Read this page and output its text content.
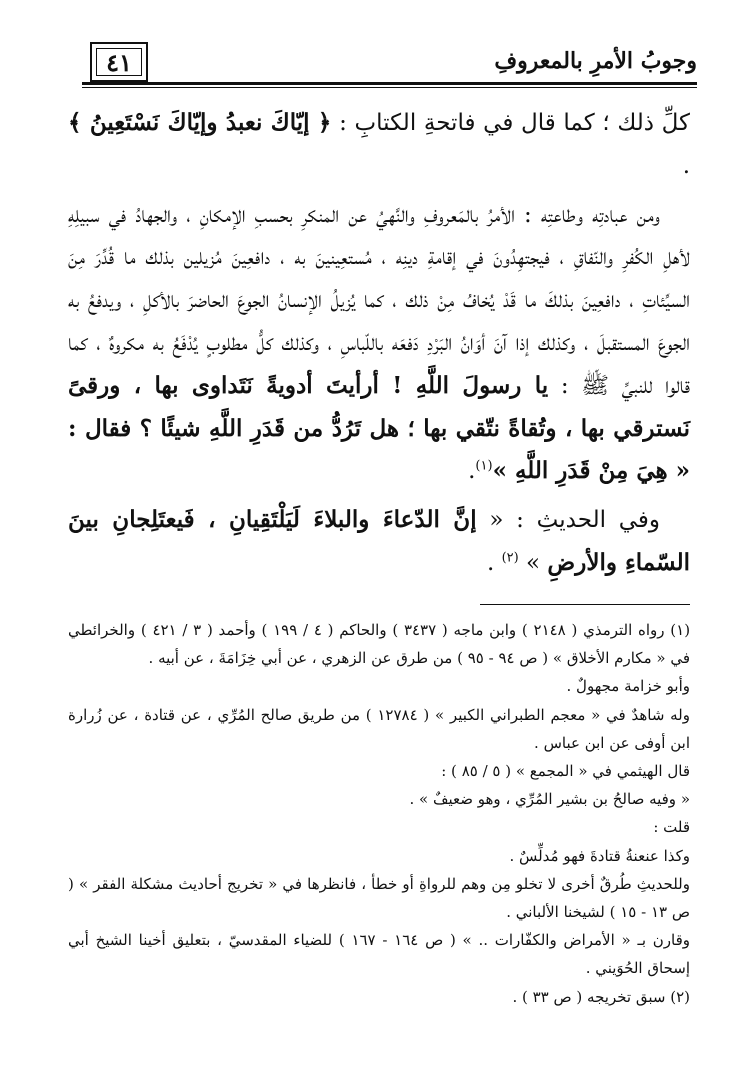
٤١	وجوبُ الأمرِ بالمعروفِ

كلِّ ذلك ؛ كما قال في فاتحةِ الكتابِ : ﴿ إيّاكَ نعبدُ وإيّاكَ نَسْتَعِينُ ﴾ .

ومن عبادتِه وطاعتِه : الأمرُ بالمَعروفِ والنَّهيُ عن المنكرِ بحسبِ الإمكانِ ، والجهادُ في سبيلِهِ لأهلِ الكُفرِ والنّفاقِ ، فيجتهِدُونَ في إقامةِ دينِه ، مُستعِينينَ به ، دافعِينَ مُزيلين بذلك ما قُدِّرَ مِنَ السيِّئاتِ ، دافعِينَ بذلكَ ما قَدْ يُخافُ مِنْ ذلك ، كما يُزيلُ الإنسانُ الجوعَ الحاضرَ بالأكلِ ، ويدفعُ به الجوعَ المستقبلَ ، وكذلك إذا آنَ أوَانُ البَرْدِ دَفعَه باللّباسِ ، وكذلك كلُّ مطلوبٍ يُدْفَعُ به مكروهٌ ، كما قالوا للنبيِّ ﷺ : يا رسولَ اللَّهِ ! أرأيتَ أدويةً نَتَداوى بها ، ورقىً نَسترقي بها ، وتُقاةً نتّقي بها ؛ هل تَرُدُّ من قَدَرِ اللَّهِ شيئًا ؟ فقال : « هِيَ مِنْ قَدَرِ اللَّهِ »$^{(١)}$.

وفي الحديثِ : « إنَّ الدّعاءَ والبلاءَ لَيَلْتَقِيانِ ، فَيعتَلِجانِ بينَ السّماءِ والأرضِ » $^{(٢)}$ .

(١) رواه الترمذي ( ٢١٤٨ ) وابن ماجه ( ٣٤٣٧ ) والحاكم ( ٤ / ١٩٩ ) وأحمد ( ٣ / ٤٢١ ) والخرائطي في « مكارم الأخلاق » ( ص ٩٤ - ٩٥ ) من طرق عن الزهري ، عن أبي خِزَامَةَ ، عن أبيه .

وأبو خزامة مجهولٌ .

وله شاهدٌ في « معجم الطبراني الكبير » ( ١٢٧٨٤ ) من طريق صالح المُرِّي ، عن قتادة ، عن زُرارة ابن أوفى عن ابن عباس .

قال الهيثمي في « المجمع » ( ٥ / ٨٥ ) :

« وفيه صالحُ بن بشير المُرِّي ، وهو ضعيفٌ » .

قلت :

وكذا عنعنةُ قتادةَ فهو مُدلِّسٌ .

وللحديثِ طُرقٌ أخرى لا تخلو مِن وهم للرواةِ أو خطأ ، فانظرها في « تخريج أحاديث مشكلة الفقر » ( ص ١٣ - ١٥ ) لشيخنا الألباني .

وقارن بـ « الأمراض والكفّارات .. » ( ص ١٦٤ - ١٦٧ ) للضياء المقدسيّ ، بتعليق أخينا الشيخ أبي إسحاق الحُوَيني .

(٢) سبق تخريجه ( ص ٣٣ ) .
